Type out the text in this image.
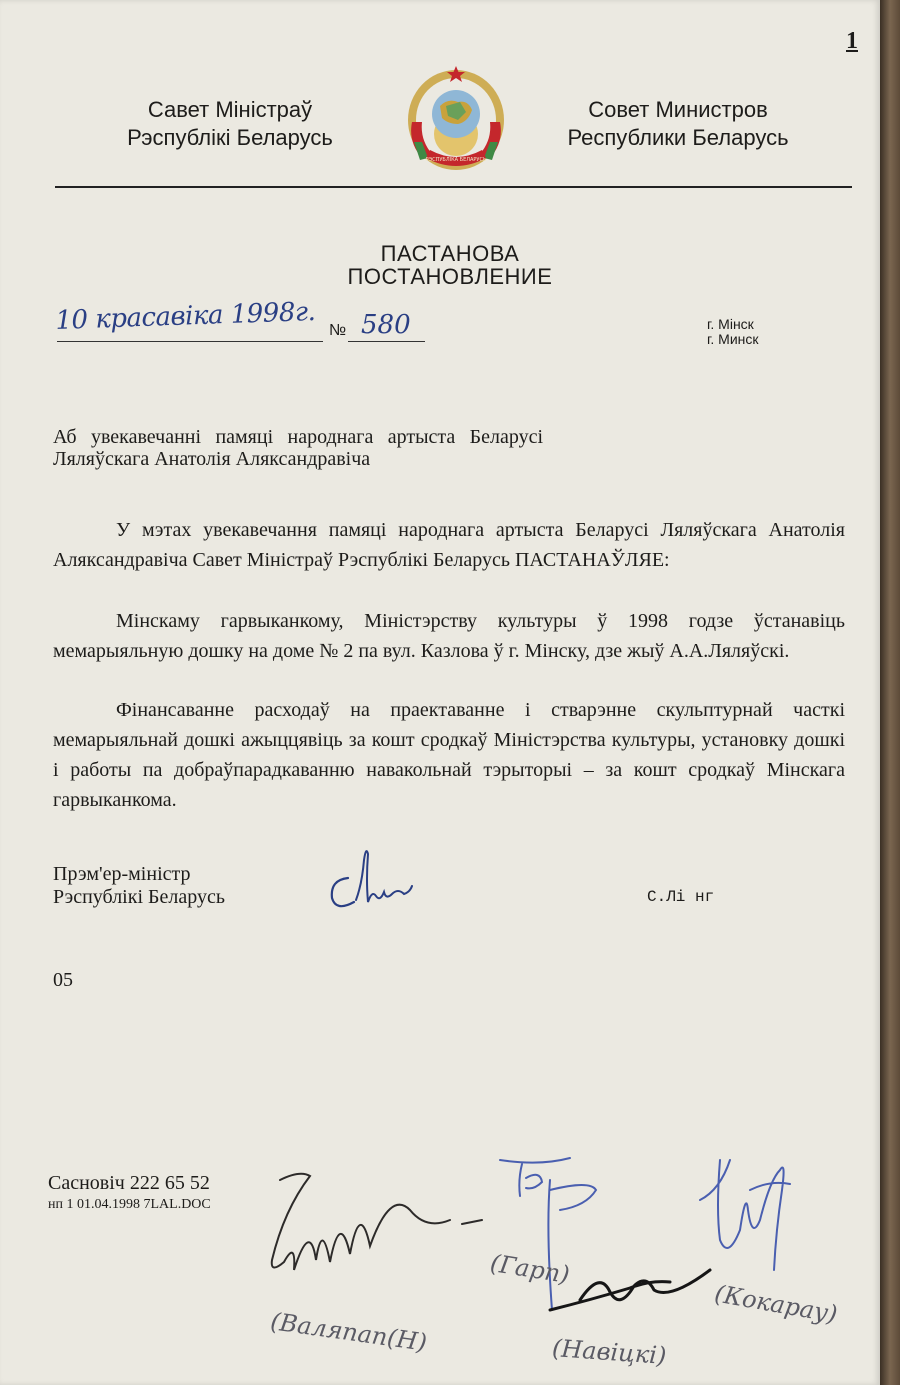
1

Савет Міністраў
Рэспублікі Беларусь
РЭСПУБЛІКА БЕЛАРУСЬ
Совет Министров
Республики Беларусь

ПАСТАНОВА

ПОСТАНОВЛЕНИЕ

10 красавіка 1998г. № 580	г. Мінск

г. Минск

Аб увекавечанні памяці народнага артыста Беларусі Ляляўскага Анатолія Аляксандравіча

У мэтах увекавечання памяці народнага артыста Беларусі Ляляўскага Анатолія Аляксандравіча Савет Міністраў Рэспублікі Беларусь ПАСТАНАЎЛЯЕ:

Мінскаму гарвыканкому, Міністэрству культуры ў 1998 годзе ўстанавіць мемарыяльную дошку на доме № 2 па вул. Казлова ў г. Мінску, дзе жыў А.А.Ляляўскі.

Фінансаванне расходаў на праектаванне і стварэнне скульптурнай часткі мемарыяльнай дошкі ажыццявіць за кошт сродкаў Міністэрства культуры, установку дошкі і работы па добраўпарадкаванню навакольнай тэрыторыі – за кошт сродкаў Мінскага гарвыканкома.

Прэм'ер-міністр
Рэспублікі Беларусь	С.Лі нг

05

Сасновіч 222 65 52

нп 1 01.04.1998 7LAL.DOC

(Валяпап(Н)

(Гарп)

(Навіцкі)

(Кокарау)
